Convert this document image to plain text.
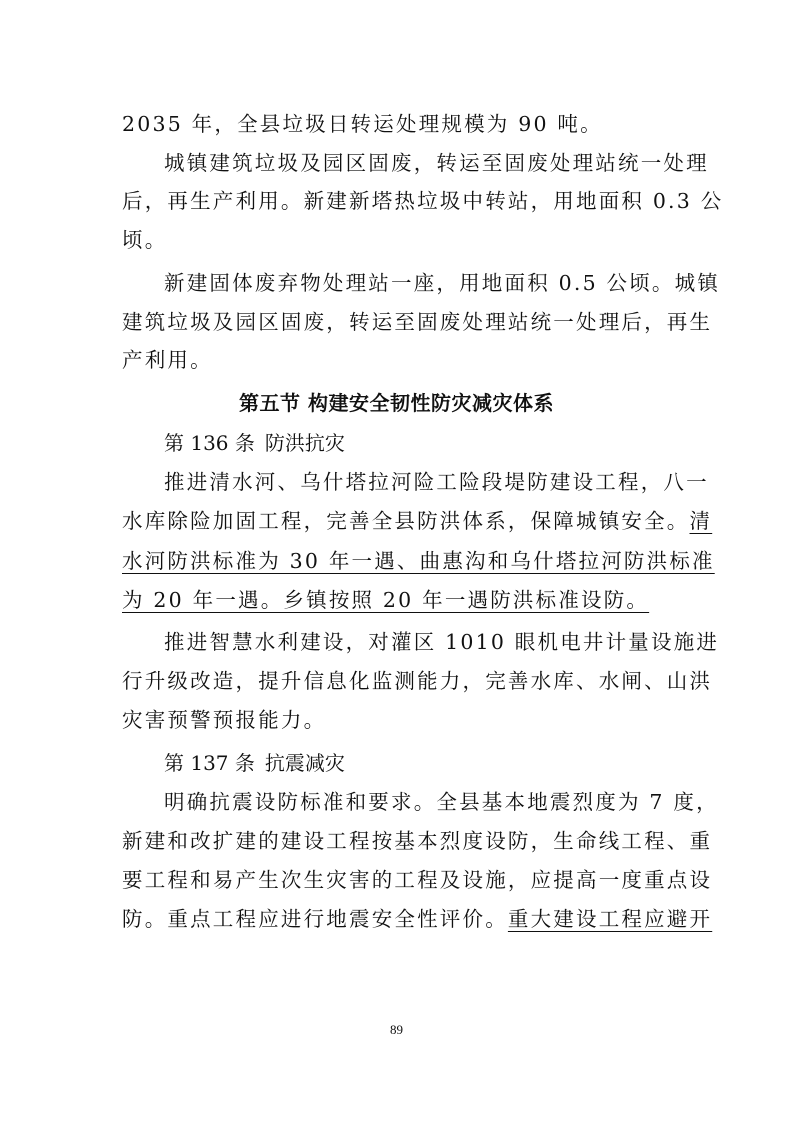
2035 年，全县垃圾日转运处理规模为 90 吨。
城镇建筑垃圾及园区固废，转运至固废处理站统一处理
后，再生产利用。新建新塔热垃圾中转站，用地面积 0.3 公
顷。
新建固体废弃物处理站一座，用地面积 0.5 公顷。城镇
建筑垃圾及园区固废，转运至固废处理站统一处理后，再生
产利用。
第五节 构建安全韧性防灾减灾体系
第 136 条 防洪抗灾
推进清水河、乌什塔拉河险工险段堤防建设工程，八一
水库除险加固工程，完善全县防洪体系，保障城镇安全。清
水河防洪标准为 30 年一遇、曲惠沟和乌什塔拉河防洪标准
为 20 年一遇。乡镇按照 20 年一遇防洪标准设防。
推进智慧水利建设，对灌区 1010 眼机电井计量设施进
行升级改造，提升信息化监测能力，完善水库、水闸、山洪
灾害预警预报能力。
第 137 条 抗震减灾
明确抗震设防标准和要求。全县基本地震烈度为 7 度，
新建和改扩建的建设工程按基本烈度设防，生命线工程、重
要工程和易产生次生灾害的工程及设施，应提高一度重点设
防。重点工程应进行地震安全性评价。重大建设工程应避开
89
